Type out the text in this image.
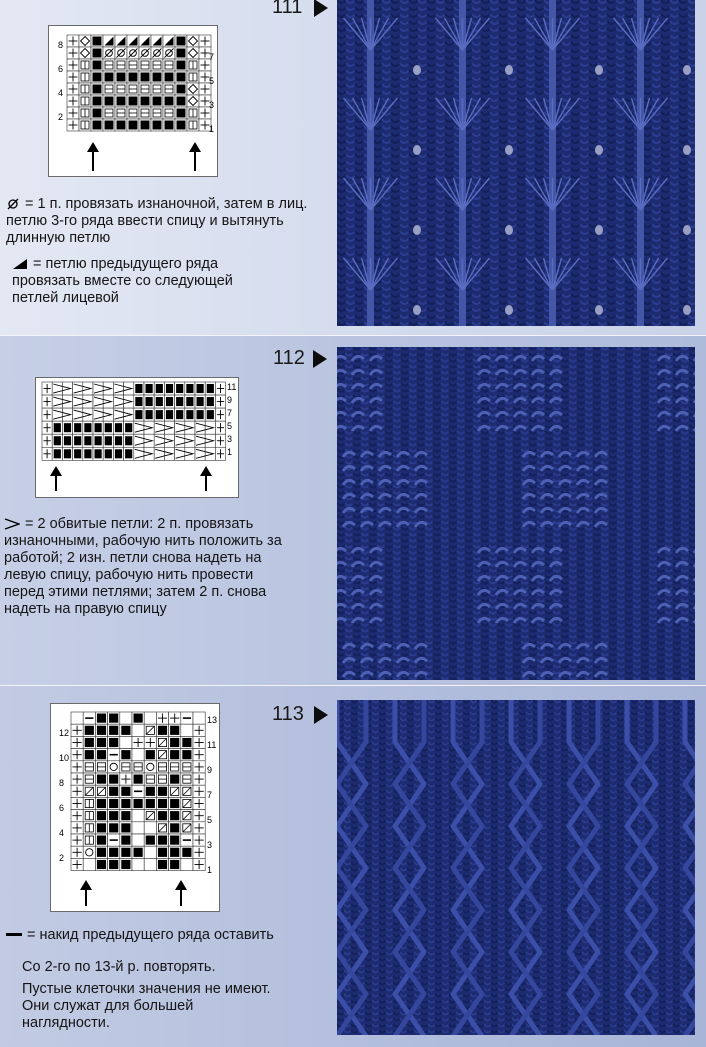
111
8
6
4
2
7
5
3
1
= 1 п. провязать изнаночной, затем в лиц. петлю 3-го ряда ввести спицу и вытянуть длинную петлю
= петлю предыдущего ряда провязать вместе со следующей петлей лицевой
112
11
9
7
5
3
1
= 2 обвитые петли: 2 п. провязать изнаночными, рабочую нить положить за работой; 2 изн. петли снова надеть на левую спицу, рабочую нить провести перед этими петлями; затем 2 п. снова надеть на правую спицу
113
12
10
8
6
4
2
13
11
9
7
5
3
1
= накид предыдущего ряда оставить
Со 2-го по 13-й р. повторять.
Пустые клеточки значения не имеют. Они служат для большей наглядности.
